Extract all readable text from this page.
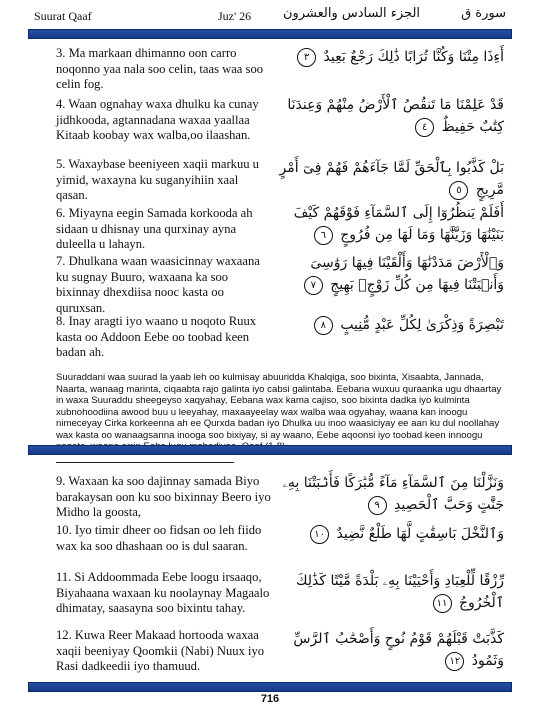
Suurat Qaaf	Juz' 26 الجزء السادس والعشرون	سورة ق
3. Ma markaan dhimanno oon carro noqonno yaa nala soo celin, taas waa soo celin fog.
أَءِذَا مِتْنَا وَكُنَّا تُرَابًا ذَٰلِكَ رَجْعٌ بَعِيدٌ ٣
4. Waan ognahay waxa dhulku ka cunay jidhkooda, agtannadana waxaa yaallaa Kitaab koobay wax walba,oo ilaashan.
قَدْ عَلِمْنَا مَا تَنقُصُ ٱلْأَرْضُ مِنْهُمْ وَعِندَنَا كِتَٰبٌ حَفِيظٌ ٤
5. Waxaybase beeniyeen xaqii markuu u yimid, waxayna ku suganyihiin xaal qasan.
بَلْ كَذَّبُوا بِٱلْحَقِّ لَمَّا جَآءَهُمْ فَهُمْ فِىٓ أَمْرٍ مَّرِيجٍ ٥
6. Miyayna eegin Samada korkooda ah sidaan u dhisnay una qurxinay ayna duleella u lahayn.
أَفَلَمْ يَنظُرُوٓا إِلَى ٱلسَّمَآءِ فَوْقَهُمْ كَيْفَ بَنَيْنَٰهَا وَزَيَّنَّٰهَا وَمَا لَهَا مِن فُرُوجٍ ٦
7. Dhulkana waan waasicinnay waxaana ku sugnay Buuro, waxaana ka soo bixinnay dhexdiisa nooc kasta oo quruxsan.
وَٱلْأَرْضَ مَدَدْنَٰهَا وَأَلْقَيْنَا فِيهَا رَوَٰسِىَ وَأَنۢبَتْنَا فِيهَا مِن كُلِّ زَوْجٍۭ بَهِيجٍ ٧
8. Inay aragti iyo waano u noqoto Ruux kasta oo Addoon Eebe oo toobad keen badan ah.
تَبْصِرَةً وَذِكْرَىٰ لِكُلِّ عَبْدٍ مُّنِيبٍ ٨
Suuraddani waa suurad la yaab leh oo kulmisay abuuridda Khalqiga, soo bixinta, Xisaabta, Jannada, Naarta, wanaag marinta, ciqaabta rajo galinta iyo cabsi galintaba. Eebana wuxuu quraanka ugu dhaartay in waxa Suuraddu sheegeyso xaqyahay, Eebana wax kama cajiso, soo bixinta dadka iyo kulminta xubnohoodiina awood buu u leeyahay, maxaayeelay wax walba waa ogyahay, waana kan inoogu nimeceyay Cirka korkeenna ah ee Qurxda badan iyo Dhulka uu inoo waasiciyay ee aan ku dul noollahay wax kasta oo wanaagsanna inooga soo bixiyay, si ay waano, Eebe aqoonsi iyo toobad keen innoogu
9. Waxaan ka soo dajinnay samada Biyo barakaysan oon ku soo bixinnay Beero iyo Midho la goosta,
وَنَزَّلْنَا مِنَ ٱلسَّمَآءِ مَآءً مُّبَٰرَكًا فَأَنۢبَتْنَا بِهِۦ جَنَّٰتٍ وَحَبَّ ٱلْحَصِيدِ ٩
10. Iyo timir dheer oo fidsan oo leh fiido wax ka soo dhashaan oo is dul saaran.
وَٱلنَّخْلَ بَاسِقَٰتٍ لَّهَا طَلْعٌ نَّضِيدٌ ١٠
11. Si Addoommada Eebe loogu irsaaqo, Biyahaana waxaan ku noolaynay Magaalo dhimatay, saasayna soo bixintu tahay.
رِّزْقًا لِّلْعِبَادِ وَأَحْيَيْنَا بِهِۦ بَلْدَةً مَّيْتًا كَذَٰلِكَ ٱلْخُرُوجُ ١١
12. Kuwa Reer Makaad hortooda waxaa xaqii beeniyay Qoomkii (Nabi) Nuux iyo Rasi dadkeedii iyo thamuud.
كَذَّبَتْ قَبْلَهُمْ قَوْمُ نُوحٍ وَأَصْحَٰبُ ٱلرَّسِّ وَثَمُودُ ١٢
716
